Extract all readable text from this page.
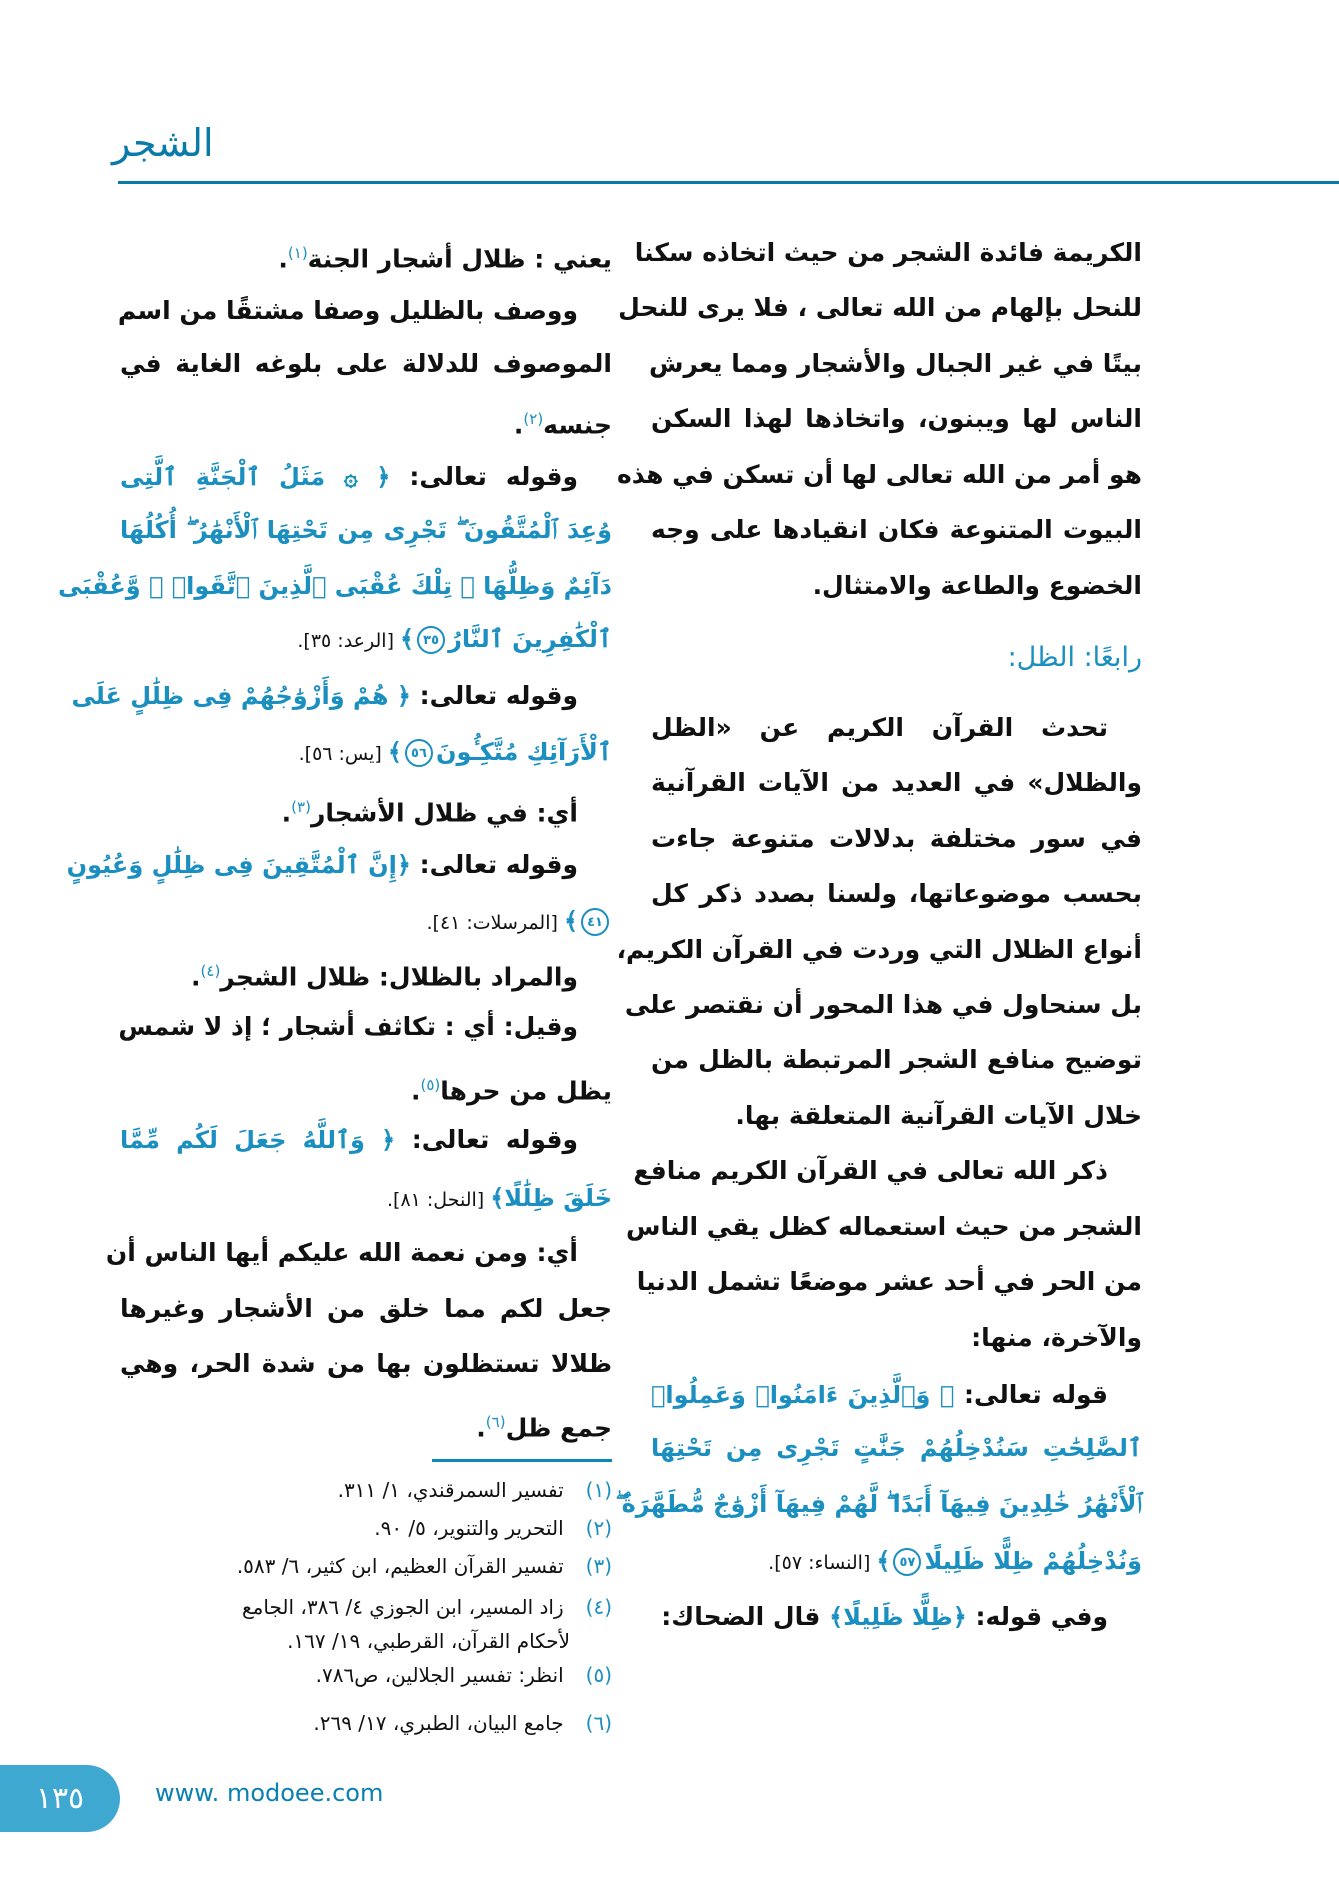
الشجر
الكريمة فائدة الشجر من حيث اتخاذه سكنا
للنحل بإلهام من الله تعالى ، فلا يرى للنحل
بيتًا في غير الجبال والأشجار ومما يعرش
الناس لها ويبنون، واتخاذها لهذا السكن
هو أمر من الله تعالى لها أن تسكن في هذه
البيوت المتنوعة فكان انقيادها على وجه
الخضوع والطاعة والامتثال.
رابعًا: الظل:
تحدث القرآن الكريم عن «الظل
والظلال» في العديد من الآيات القرآنية
في سور مختلفة بدلالات متنوعة جاءت
بحسب موضوعاتها، ولسنا بصدد ذكر كل
أنواع الظلال التي وردت في القرآن الكريم،
بل سنحاول في هذا المحور أن نقتصر على
توضيح منافع الشجر المرتبطة بالظل من
خلال الآيات القرآنية المتعلقة بها.
ذكر الله تعالى في القرآن الكريم منافع
الشجر من حيث استعماله كظل يقي الناس
من الحر في أحد عشر موضعًا تشمل الدنيا
والآخرة، منها:
قوله تعالى: ﴿ وَٱلَّذِينَ ءَامَنُوا۟ وَعَمِلُوا۟
ٱلصَّٰلِحَٰتِ سَنُدْخِلُهُمْ جَنَّٰتٍ تَجْرِى مِن تَحْتِهَا
ٱلْأَنْهَٰرُ خَٰلِدِينَ فِيهَآ أَبَدًا ۖ لَّهُمْ فِيهَآ أَزْوَٰجٌ مُّطَهَّرَةٌ ۖ
وَنُدْخِلُهُمْ ظِلًّا ظَلِيلًا٥٧﴾ [النساء: ٥٧].
وفي قوله: ﴿ظِلًّا ظَلِيلًا﴾ قال الضحاك:
يعني : ظلال أشجار الجنة$^{(١)}$.
ووصف بالظليل وصفا مشتقًا من اسم
الموصوف للدلالة على بلوغه الغاية في
جنسه$^{(٢)}$.
وقوله تعالى: ﴿ ۞ مَثَلُ ٱلْجَنَّةِ ٱلَّتِى
وُعِدَ ٱلْمُتَّقُونَ ۖ تَجْرِى مِن تَحْتِهَا ٱلْأَنْهَٰرُ ۖ أُكُلُهَا
دَآئِمٌ وَظِلُّهَا ۚ تِلْكَ عُقْبَى ٱلَّذِينَ ٱتَّقَوا۟ ۖ وَّعُقْبَى
ٱلْكَٰفِرِينَ ٱلنَّارُ٣٥﴾ [الرعد: ٣٥].
وقوله تعالى: ﴿ هُمْ وَأَزْوَٰجُهُمْ فِى ظِلَٰلٍ عَلَى
ٱلْأَرَآئِكِ مُتَّكِـُٔونَ٥٦﴾ [يس: ٥٦].
أي: في ظلال الأشجار$^{(٣)}$.
وقوله تعالى: ﴿إِنَّ ٱلْمُتَّقِينَ فِى ظِلَٰلٍ وَعُيُونٍ
٤١﴾ [المرسلات: ٤١].
والمراد بالظلال: ظلال الشجر$^{(٤)}$.
وقيل: أي : تكاثف أشجار ؛ إذ لا شمس
يظل من حرها$^{(٥)}$.
وقوله تعالى: ﴿ وَٱللَّهُ جَعَلَ لَكُم مِّمَّا
خَلَقَ ظِلَٰلًا﴾ [النحل: ٨١].
أي: ومن نعمة الله عليكم أيها الناس أن
جعل لكم مما خلق من الأشجار وغيرها
ظلالا تستظلون بها من شدة الحر، وهي
جمع ظل$^{(٦)}$.
(١) تفسير السمرقندي، ١/ ٣١١.
(٢) التحرير والتنوير، ٥/ ٩٠.
(٣) تفسير القرآن العظيم، ابن كثير، ٦/ ٥٨٣.
(٤) زاد المسير، ابن الجوزي ٤/ ٣٨٦، الجامع
لأحكام القرآن، القرطبي، ١٩/ ١٦٧.
(٥) انظر: تفسير الجلالين، ص٧٨٦.
(٦) جامع البيان، الطبري، ١٧/ ٢٦٩.
١٣٥	www. modoee.com
